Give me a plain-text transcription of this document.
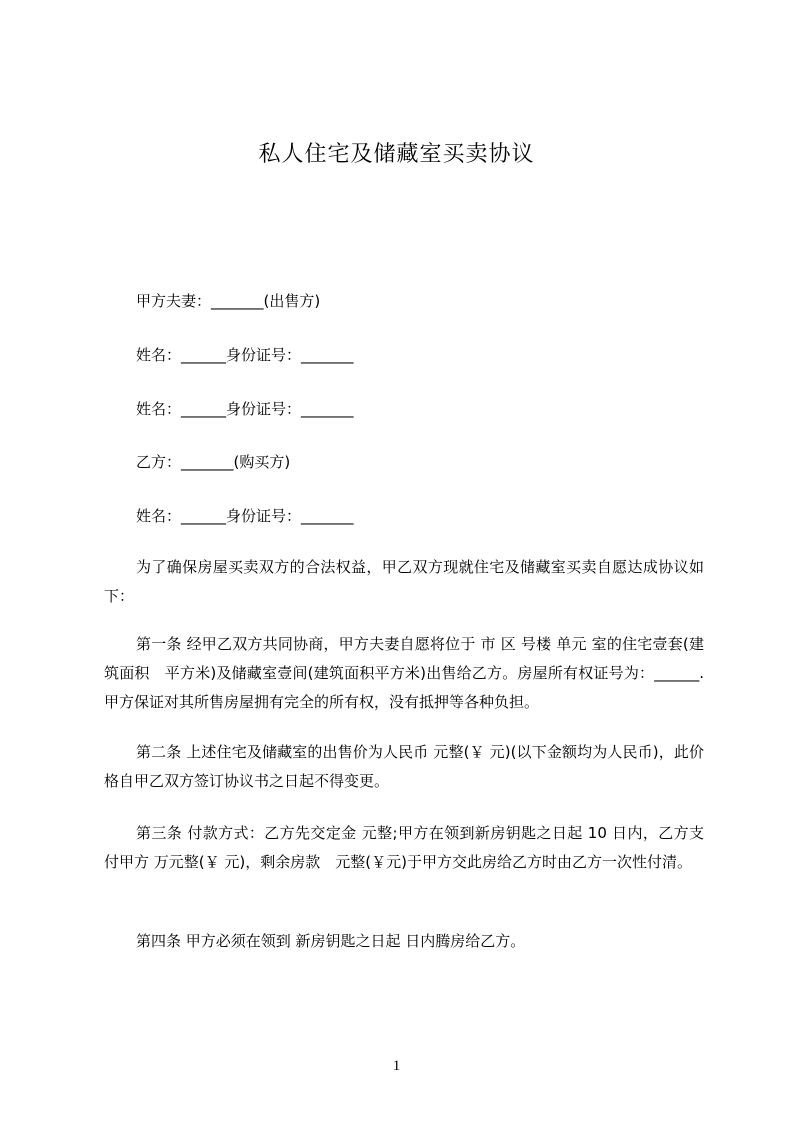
私人住宅及储藏室买卖协议
甲方夫妻：_______(出售方)
姓名：______身份证号：_______
姓名：______身份证号：_______
乙方：_______(购买方)
姓名：______身份证号：_______
为了确保房屋买卖双方的合法权益，甲乙双方现就住宅及储藏室买卖自愿达成协议如下：
第一条 经甲乙双方共同协商，甲方夫妻自愿将位于 市 区 号楼 单元 室的住宅壹套(建筑面积　平方米)及储藏室壹间(建筑面积平方米)出售给乙方。房屋所有权证号为：______.甲方保证对其所售房屋拥有完全的所有权，没有抵押等各种负担。
第二条 上述住宅及储藏室的出售价为人民币 元整(￥ 元)(以下金额均为人民币)，此价格自甲乙双方签订协议书之日起不得变更。
第三条 付款方式：乙方先交定金 元整;甲方在领到新房钥匙之日起 10 日内，乙方支付甲方 万元整(￥ 元)，剩余房款　元整(￥元)于甲方交此房给乙方时由乙方一次性付清。
第四条 甲方必须在领到 新房钥匙之日起 日内腾房给乙方。
1
